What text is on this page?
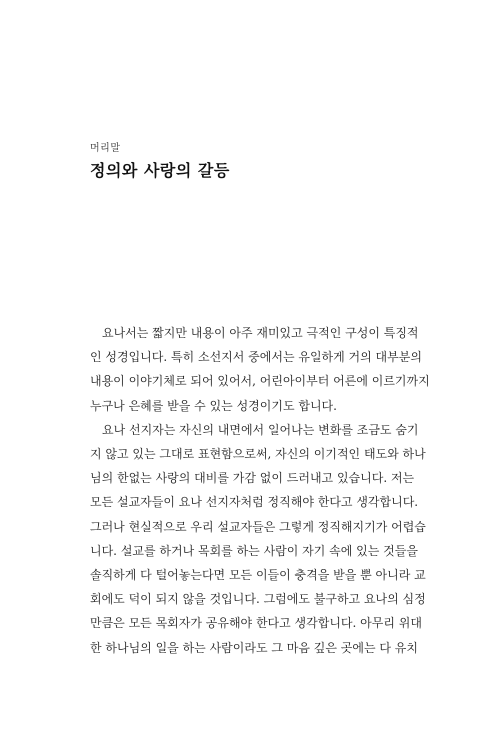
머리말
정의와 사랑의 갈등

요나서는 짧지만 내용이 아주 재미있고 극적인 구성이 특징적
인 성경입니다. 특히 소선지서 중에서는 유일하게 거의 대부분의
내용이 이야기체로 되어 있어서, 어린아이부터 어른에 이르기까지
누구나 은혜를 받을 수 있는 성경이기도 합니다.

요나 선지자는 자신의 내면에서 일어나는 변화를 조금도 숨기
지 않고 있는 그대로 표현함으로써, 자신의 이기적인 태도와 하나
님의 한없는 사랑의 대비를 가감 없이 드러내고 있습니다. 저는
모든 설교자들이 요나 선지자처럼 정직해야 한다고 생각합니다.
그러나 현실적으로 우리 설교자들은 그렇게 정직해지기가 어렵습
니다. 설교를 하거나 목회를 하는 사람이 자기 속에 있는 것들을
솔직하게 다 털어놓는다면 모든 이들이 충격을 받을 뿐 아니라 교
회에도 덕이 되지 않을 것입니다. 그럼에도 불구하고 요나의 심정
만큼은 모든 목회자가 공유해야 한다고 생각합니다. 아무리 위대
한 하나님의 일을 하는 사람이라도 그 마음 깊은 곳에는 다 유치
